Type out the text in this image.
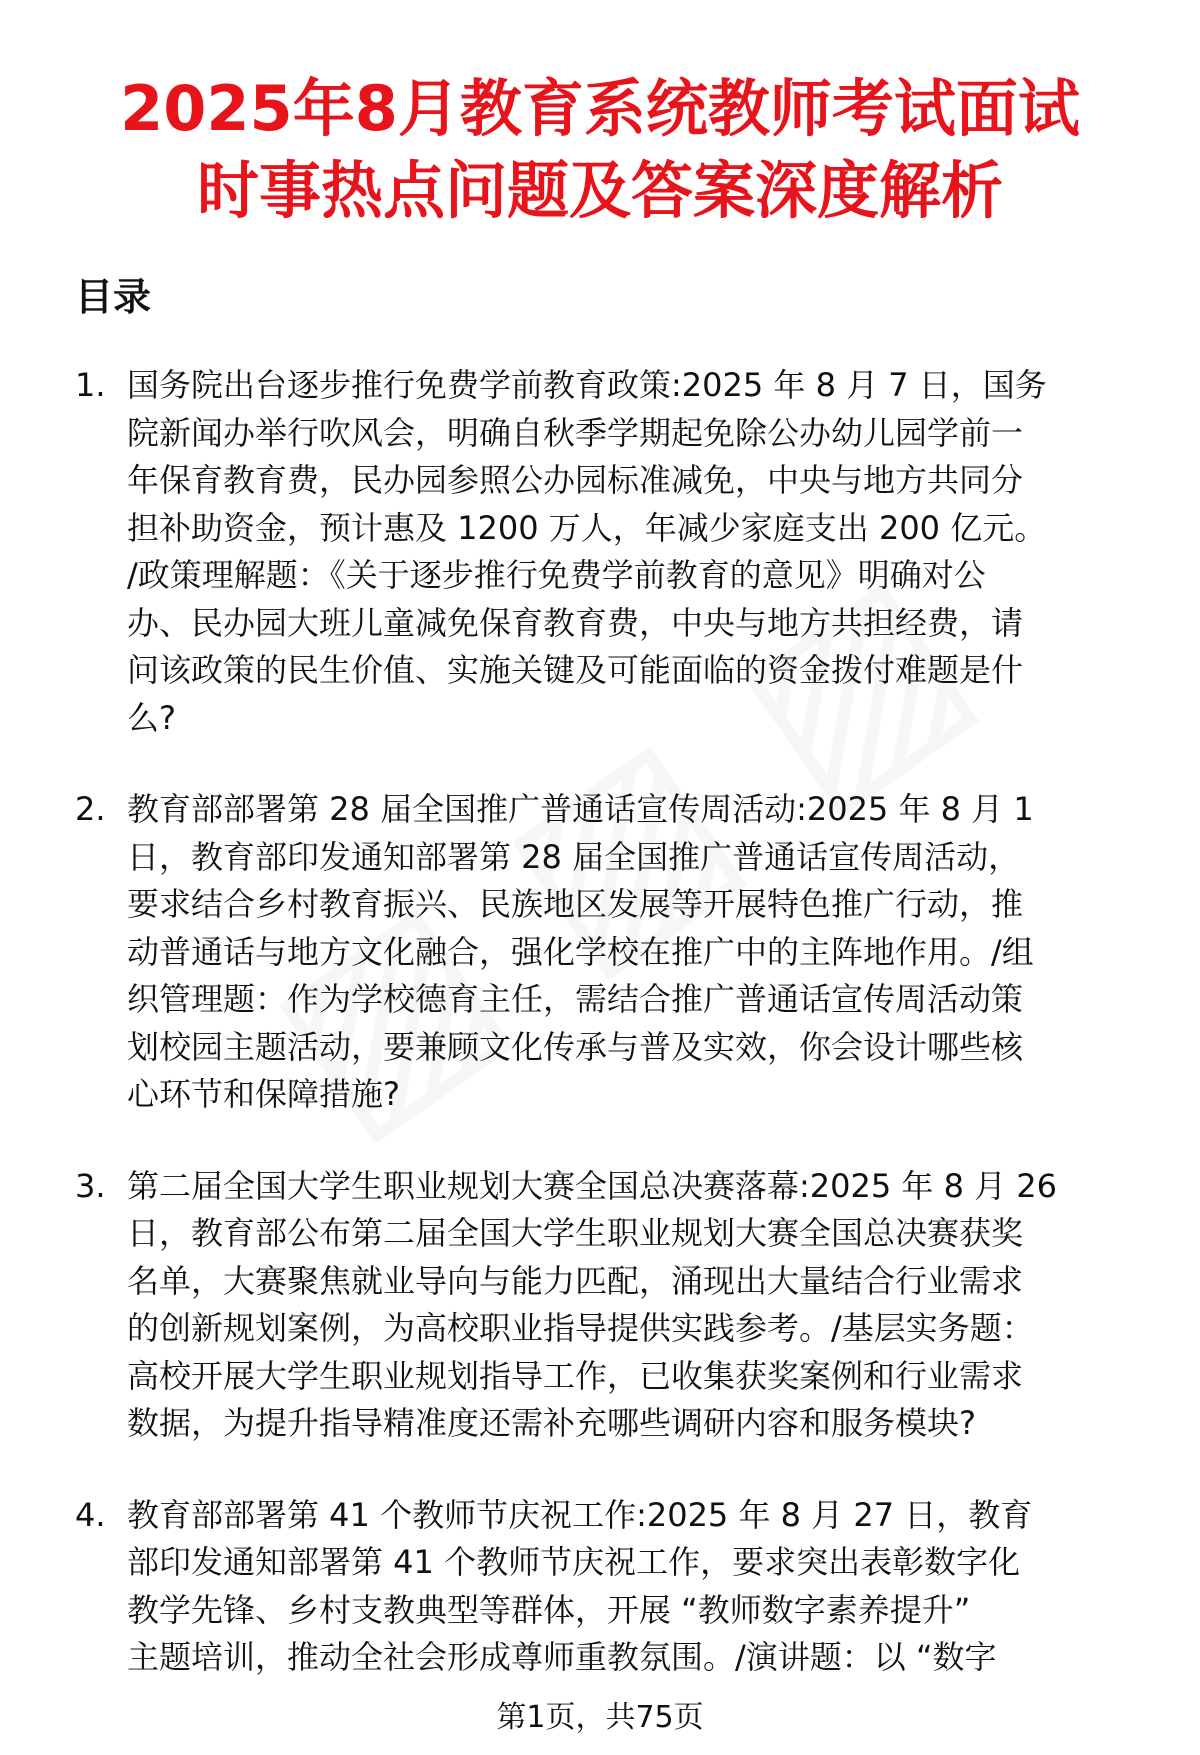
2025年8月教育系统教师考试面试
时事热点问题及答案深度解析
目录
1. 国务院出台逐步推行免费学前教育政策:2025 年 8 月 7 日，国务
院新闻办举行吹风会，明确自秋季学期起免除公办幼儿园学前一
年保育教育费，民办园参照公办园标准减免，中央与地方共同分
担补助资金，预计惠及 1200 万人，年减少家庭支出 200 亿元。
/政策理解题：《关于逐步推行免费学前教育的意见》明确对公
办、民办园大班儿童减免保育教育费，中央与地方共担经费，请
问该政策的民生价值、实施关键及可能面临的资金拨付难题是什
么?
2. 教育部部署第 28 届全国推广普通话宣传周活动:2025 年 8 月 1
日，教育部印发通知部署第 28 届全国推广普通话宣传周活动，
要求结合乡村教育振兴、民族地区发展等开展特色推广行动，推
动普通话与地方文化融合，强化学校在推广中的主阵地作用。/组
织管理题：作为学校德育主任，需结合推广普通话宣传周活动策
划校园主题活动，要兼顾文化传承与普及实效，你会设计哪些核
心环节和保障措施?
3. 第二届全国大学生职业规划大赛全国总决赛落幕:2025 年 8 月 26
日，教育部公布第二届全国大学生职业规划大赛全国总决赛获奖
名单，大赛聚焦就业导向与能力匹配，涌现出大量结合行业需求
的创新规划案例，为高校职业指导提供实践参考。/基层实务题：
高校开展大学生职业规划指导工作，已收集获奖案例和行业需求
数据，为提升指导精准度还需补充哪些调研内容和服务模块?
4. 教育部部署第 41 个教师节庆祝工作:2025 年 8 月 27 日，教育
部印发通知部署第 41 个教师节庆祝工作，要求突出表彰数字化
教学先锋、乡村支教典型等群体，开展 “教师数字素养提升”
主题培训，推动全社会形成尊师重教氛围。/演讲题：以 “数字
第1页，共75页
